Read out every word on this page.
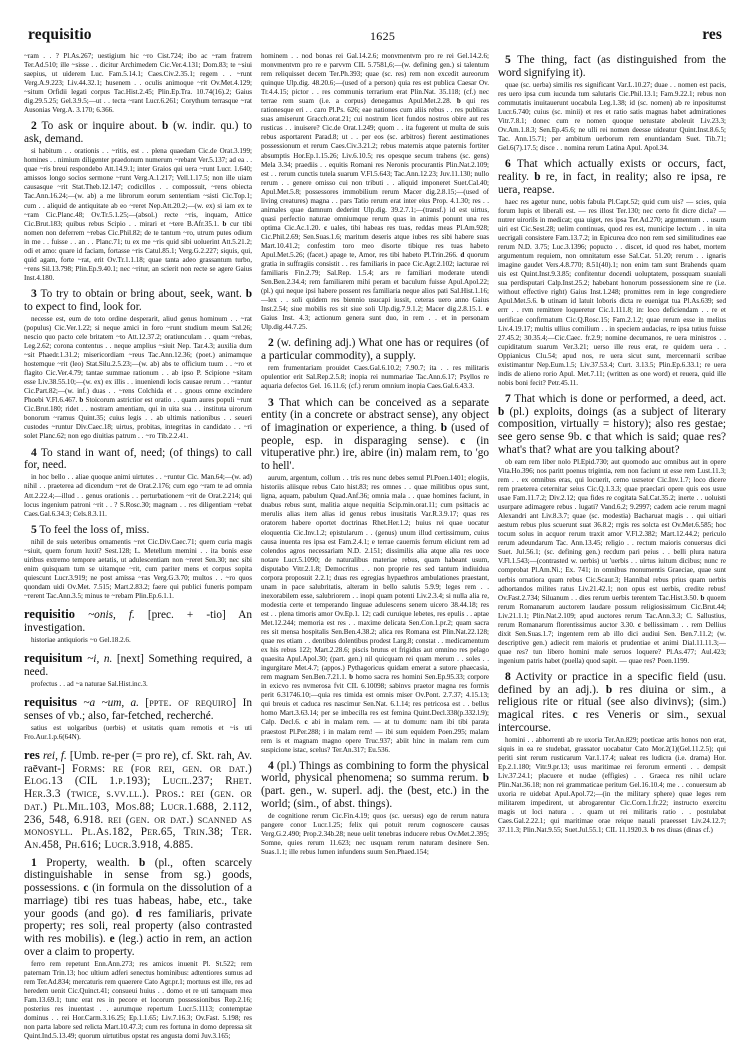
requisitio	1625	res

~ram . . ? Pl.As.267; uestigium hic ~ro Cist.724; ibo ac ~ram fratrem Ter.Ad.510; ille ~sisse . . dicitur Archimedem Cic.Ver.4.131; Dom.83; te ~siui saepius, ut uiderem Luc. Fam.5.14.1; Caes.Civ.2.35.1; regem . . ~runt Verg.A.9.223; Liv.44.32.1; husenem . . oculis animoque ~rit Ov.Met.4.129; ~situm Orfidii legati corpus Tac.Hist.2.45; Plin.Ep.Tra. 10.74(16).2; Gaius dig.29.5.25; Gel.3.9.5;—ut . . tecta ~rant Lucr.6.261; Corythum terrasque ~rat Ausonias Verg.A. 3.170; 6.366.

2 To ask or inquire about. b (w. indir. qu.) to ask, demand.

si habitum . . orationis . . ~ritis, est . . plena quaedam Cic.de Orat.3.199; homines . . nimium diligenter praedonum numerum ~rebant Ver.5.137; ad ea . . quae ~ris breui respondebo Att.14.9.1; inter Graios qui uera ~runt Lucr. 1.640; amissos longo socios sermone ~runt Verg.A.1.217; Vell.1.17.5; non ille uiam causasque ~rit Stat.Theb.12.147; codicillos . . compossuit, ~rens obiecta Tac.Ann.16.24;—(w. ab) a me librorum eorum sententiam ~sisti Cic.Top.1; cum . . aliquid de antiquitate ab eo ~reret Nep.Att.20.2;—(w. ex) si iam ex te ~ram Cic.Planc.48; Ov.Tr.5.1.25;—(absol.) recte ~ris, inquam, Attice Cic.Brut.183; quibus rebus Scipio . . mirari et ~tere B.Afr.35.1. b cur tibi nomen non deferrem ~rebas Cic.Phil.82; de te tantum ~ro, utrum putes odium in me . . fuisse . . an . . Planc.71; tu ex me ~ris quid sibi uoluerint Att.5.21.2; odi et amo: quare id faciam, fortasse ~ris Catul.85.1; Verg.G.2.227; siquis, qui, quid agam, forte ~rat, erit Ov.Tr.1.1.18; quae tanta adeo grassantum turbo, ~rens Sil.13.798; Plin.Ep.9.40.1; nec ~ritur, an scierit non recte se agere Gaius Inst.4.180.

3 To try to obtain or bring about, seek, want. b to expect to find, look for.

necesse est, eum de toto ordine desperarit, aliud genus hominum . . ~rat (populus) Cic.Ver.1.22; si neque amici in foro ~runt studium meum Sal.26; nescio quo pacto cele britatem ~to Att.12.37.2; oratiunculam . . quam ~rebas, Leg.2.62; corona contentus . . neque amplius ~siuit Nep. Tar.4.3; auxilia dum ~sit Phaedr.1.31.2; misericordiam ~reus Tac.Ann.12.36; (poet.) animamque hostemque ~rit (leo) Stat.Silu.2.5.23;—(w. ab) abs te officium tuum . . ~ro et flagito Cic.Ver.4.79; tantae summae rationum . . ab ipso P. Scipione ~sitam esse Liv.38.55.10;—(w. ex) ex illis . . inueniendi locis causae rerum . . ~rantur Cic.Part.82;—(w. inf.) duas . . ~rens Colchida et . . gnous omne excindere Phoebi V.Fl.6.467. b Stoicorum astrictior est oratio . . quam aures populi ~runt Cic.Brut.180; ridet . . nostram amentiam, qui in uita sua . . instituta uirorum bonorum ~ramus Quint.35; cuius legis . . ab ultimis nationibus . . seueri custodes ~runtur Div.Caec.18; uirtus, probitas, integritas in candidato . . ~ri solet Planc.62; non ego diuitias patrum . . ~ro Tib.2.2.41.

4 To stand in want of, need; (of things) to call for, need.

in hoc bello . . aliae quoque animi uirtutes . . ~runtur Cic. Man.64;—(w. ad) nihil . . praeterea ad dicendum ~ret de Orat.2.176; cum ego ~ram te ad omnia Att.2.22.4;—illud . . genus orationis . . perturbationem ~rit de Orat.2.214; qui locus ingenium patroni ~rit . . ? S.Rosc.30; magnam . . res diligentiam ~rebat Caes.Gal.6.34.3; Cels.8.3.11.

5 To feel the loss of, miss.

nihil de suis ueteribus ornamentis ~ret Cic.Div.Caec.71; quem curia magis ~siuit, quem forum luxit? Sest.128; L. Metellum memini . . ita bonis esse uiribus extremo tempore aetatis, ut adulescentiam non ~reret Sen.30; nec sibi enim quisquam tum se uitamque ~rit, cum pariter mens et corpus sopita quiescunt Lucr.3.919; ne post amissa ~ras Verg.G.3.70; multos . . ~ro quos quondam uidi Ov.Met. 7.515; Mart.2.83.2; faere qui publici funeris pompam ~rerent Tac.Ann.3.5; minus te ~rebam Plin.Ep.6.1.1.

requisitio ~onis, f. [prec. + -tio] An investigation.

historiae antiquioris ~o Gel.18.2.6.

requisitum ~i, n. [next] Something required, a need.

profectus . . ad ~a naturae Sal.Hist.inc.3.

requisitus ~a ~um, a. [ppte. of requiro] In senses of vb.; also, far-fetched, recherché.

satius est uolgaribus (uerbis) et usitatis quam remotis et ~is uti Fro.Aur.1.p.6(64N).

res rei, f. [Umb. re-per (= pro re), cf. Skt. rah, Av. raēvant-] Forms: re (for rei, gen. or dat.) Elog.13 (CIL 1.p.193); Lucil.237; Rhet. Her.3.3 (twice, s.vv.ll.). Pros.: rei (gen. or dat.) Pl.Mil.103, Mos.88; Lucr.1.688, 2.112, 236, 548, 6.918. rei (gen. or dat.) scanned as monosyll. Pl.As.182, Per.65, Trin.38; Ter. An.458, Ph.616; Lucr.3.918, 4.885.

1 Property, wealth. b (pl., often scarcely distinguishable in sense from sg.) goods, possessions. c (in formula on the dissolution of a marriage) tibi res tuas habeas, habe, etc., take your goods (and go). d res familiaris, private property; res soli, real property (also contrasted with res mobilis). e (leg.) actio in rem, an action over a claim to property.

ferro rem repetunt Enn.Ann.273; res amicos inuenit Pl. St.522; rem paternam Trin.13; hoc ultium adferi senectus hominibus: adtentiores sumus ad rem Ter.Ad.834; mercaturis rem quaerere Cato Agr.pr.1; mortuus est ille, res ad heredem uenit Cic.Quinct.41; consueui huius . . domo et re uti tamquam mea Fam.13.69.1; tunc erat res in pecore et locorum possessionibus Rep.2.16; posterius res inuentast . . aurumque repertum Lucr.5.1113; contemptae dominus . . rei Hor.Carm.3.16.25; Ep.1.1.65; Liv.7.16.3; Ov.Fast. 5.198; res non parta labore sed relicta Mart.10.47.3; cum res fortuna in domo depressa sit Quint.Ind.5.13.49; quorum uirtutibus opstat res angusta domi Juv.3.165;

hominem . . nod bonas rei Gal.14.2.6; monvmentvm pro re rei Gel.14.2.6; monvmentvm pro re e parvvm CIL 5.7581,6;—(w. defining gen.) si talentum rem reliquisset decem Ter.Ph.393; quae (sc. res) rem non excedit aureorum quinque Ulp.dig. 48.20.6;—(used of a person) quia res est publica Caesar Ov. Tr.4.4.15; pictor . . res communis terrarium erat Plin.Nat. 35.118; (cf.) nec terrae rem suam (i.e. a corpus) denegamus Apul.Met.2.28. b qui res rationesque eri . . caro Pl.Ps. 626; eae nationes cum aliis rebus . . res publicas suas amiserunt Gracch.orat.21; cui nostrum licet fundos nostros obire aut res rusticas . . inuisere? Cic.de Orat.1.249; quom . . ita fugerent ut multa de suis rebus asportarent Parad.8; ut . . per eos (sc. arbitros) fierent aestimationes possessionum et rerum Caes.Civ.3.21.2; rebus maternis atque paternis fortiter absumptis Hor.Ep.1.15.26; Liv.6.10.5; res opesque secum trahens (sc. gens) Mela 3.34; praediis . . equitis Romani res Neronis procurantis Plin.Nat.2.109; est . . rerum cunctis tutela suarum V.Fl.5.643; Tac.Ann.12.23; Juv.11.130; nullo rerum . . genere omisso cui non tributi . . aliquid imponeret Suet.Cal.40; Apul.Met.5.8; possessores immobilium rerum Macer dig.2.8.15;—(used of living creatures) magna . . pars Tatio rerum erat inter eius Prop. 4.1.30; res . . animales quae damnum dederint Ulp.dig. 39.2.7.1;—(transf.) id est uirtus, quasi perfectio naturae omniumque rerum quas in animis ponunt una res optima Cic.Ac.1.20. c uales, tibi habeas res tuas, reddas meas Pl.Am.928; Cic.Phil.2.69; Sen.Suas.1.6; maritum deseris atque iubes res sibi habere suas Mart.10.41.2; confestim toro meo disorte tibique res tuas habeto Apul.Met.5.26; (facet.) apage te, Amor, res tibi habeto Pl.Trin.266. d quorum gratia in suffragiis consistit . . res familiaris in pace Cic.Agr.2.102; iacturae rei familiaris Fin.2.79; Sal.Rep. 1.5.4; ars re familiari moderate utendi Sen.Ben.2.34.4; rem familiarem mihi peram et baculum fuisse Apul.Apol.22; (pl.) qui neque ipsi habere possent res familiaria neque alios pati Sal.Hist.1.16;—lex . . soli quidem res biennio usucapi iussit, ceteras uero anno Gaius Inst.2.54; siue mobilis res sit siue soli Ulp.dig.7.9.1.2; Macer dig.2.8.15.1. e Gaius Inst. 4.3; actionum genera sunt duo, in rem . . et in personam Ulp.dig.44.7.25.

2 (w. defining adj.) What one has or requires (of a particular commodity), a supply.

rem frumentariam prouidet Caes.Gal.6.10.2; 7.90.7; ita . . res militaris opulentior erit Sal.Rep.2.5.8; inopia rei nummariae Tac.Ann.6.17; Psyllos re aquaria defectos Gel. 16.11.6; (cf.) rerum omnium inopia Caes.Gal.6.43.3.

3 That which can be conceived as a separate entity (in a concrete or abstract sense), any object of imagination or experience, a thing. b (used of people, esp. in disparaging sense). c (in vituperative phr.) ire, abire (in) malam rem, to 'go to hell'.

aurum, argentum, collum . . tris res nunc debes semul Pl.Poen.1401; elogiis, historiis aliisque rebus Cato hist.83; res omnes . . quae militibus opus sunt, ligna, aquam, pabulum Quad.Anf.36; omnia mala . . quae homines faciunt, in duabus rebus sunt, malitia atque nequitia Scip.min.orat.11; cum psittacis ac merulis alias item alias id genus rebus inusitatis Var.R.3.9.17; quas res oratorem habere oportet doctrinas Rhet.Her.1.2; huius rei quae uocatur eloquentia Cic.Inv.1.2; epistularum . . (genus) unum illud certissimum, cuius causa inuenta res ipsa est Fam.2.4.1; e terrae cauernis ferrum eliciunt rem ad colendos agros necessariam N.D. 2.151; dissimilis alia atque alia res uoce notare Lucr.5.1090; de naturalibus materiae rebus, quam habeant usum, disputabo Vitr.2.1.8; Democritus . . non proprie res sed tantum indiuidua corpora proposuit 2.2.1; duas res egregias hypaethros ambulationes praestant, unam in pace salubritatis, alteram in bello salutis 5.9.9; leges rem . . inexorabilem esse, salubriorem . . inopi quam potenti Liv.2.3.4; si nulla alia re, modestia certe et temperando linguae adulescens senem uicero 38.44.18; res est . . plena timoris amor Ov.Ep.1. 12; cadi curuique lebetes, res epulis . . aptae Met.12.244; memoria est res . . maxime delicata Sen.Con.1.pr.2; quam sacra res sit mensa hospitalis Sen.Ben.4.38.2; alica res Romana est Plin.Nat.22.128; quae res etiam . . dentibus dolentibus prodest Larg.8; constat . . medicamentum ex his rebus 122; Mart.2.28.6; piscis brutus et frigidus aut omnino res pelago quaesita Apul.Apol.30; (part. gen.) nil quicquam rei quam merum . . soles . . ingurgitare Met.4.7; (appos.) Pythagoricus quidam emerat a sutore phaecasia, rem magnam Sen.Ben.7.21.1. b homo sacra res homini Sen.Ep.95.33; corpore in exicvo res nvmerosa fvit CIL 6.10098; sabinvs praetor magna res formis perit 6.31746.10;—quia res timida est omnis miser Ov.Pont. 2.7.37; 4.15.13; qui breuis et caduca res nascimur Sen.Nat. 6.1.14; res petricosa est . . bellus homo Mart.3.63.14; per se imbecilla res est femina Quint.Decl.338(p.332.l.9); Calp. Decl.6. c abi in malam rem. — at tu domum: nam ibi tibi parata praestost Pl.Per.288; i in malam rem! — ibi sum equidem Poen.295; malam rem is et magnam magno opere Truc.937; abiit hinc in malam rem cum suspicione istac, scelus? Ter.An.317; Eu.536.

4 (pl.) Things as combining to form the physical world, physical phenomena; so summa rerum. b (part. gen., w. superl. adj. the (best, etc.) in the world; (sim., of abst. things).

de cognitione rerum Cic.Fin.4.19; quos (sc. uersus) ego de rerum natura pangere conor Lucr.1.25; felix qui potuit rerum cognoscere causas Verg.G.2.490; Prop.2.34b.28; neue uelit tenebras inducere rebus Ov.Met.2.395; Somne, quies rerum 11.623; nec usquam rerum naturam desinere Sen. Suas.1.1; ille rebus lumen infundens suum Sen.Phaed.154;

5 The thing, fact (as distinguished from the word signifying it).

quae (sc. uerba) similis res significant Var.L.10.27; duae . . nomen est pacis, res uero ipsa cum iucunda tum salutaris Cic.Phil.13.1; Fam.9.22.1; rebus non commutatis inuitauerunt uocabula Leg.1.38; id (sc. nomen) ab re inpositumst Lucr.6.740; cuius (sc. minii) et res et ratio satis magnas habet admirationes Vitr.7.8.1; donec cum re nomen quoque uetustate aboleuit Liv.23.3; Ov.Am.1.8.3; Sen.Ep.45.6; ne ulli rei nomen deesse uideatur Quint.Inst.8.6.5; Tac. Ann.15.71; per ambitum uerborum rem enuntiandam Suet. Tib.71; Gel.6(7).17.5; disce . . nomina rerum Latina Apul. Apol.34.

6 That which actually exists or occurs, fact, reality. b re, in fact, in reality; also re ipsa, re uera, reapse.

haec res agetur nunc, uobis fabula Pl.Capt.52; quid cum uis? — scies, quia forum lupis et liberali est. — res illost Ter.130; nec certo fit dicre dicla? — nutrer uirorils in medicat; qua uiget, res ipsa Ter.Ad.270; argumentum . . usum uiri est Cic.Sest.28; uelim continuas, quod res est, municipe lectum . . in uita uecrigali consistere Fam.13.7.2; in Epicurea dco non rem sed similitudines eae rerum N.D. 3.75; Luc.3.1396; popucto . . discet, id quod res habet, mortem argumentum requiem, non omnitatum esse Sal.Cat. 51.20; rerum . . ignaris imagine gaudet Vers.4.8.770; 8.51(40).1; non enim tam sunt Brahends quam uis est Quint.Inst.9.3.85; confitentur docendi uoluptatem, possquam suauiali sua perdisputari Calp.Inst.25.2; habebant honorum possessionem sine re (i.e. without effective right) Gaius Inst.1.248; promittes rem in lege congrediere Apul.Met.5.6. b utinam id latuit loboris dicta re euenigat tua Pl.As.639; sed errr . . rvm remittere loqueretur Cic.1.111.8; in: loco deficiendam . . re et uerificae confirmatum Cic.Q.Rosc.15; Fam.2.1.2; quae rerum esse in melius Liv.4.19.17; multis ullius comilium . . in speciem audacias, re ipsa tutius fuisse 27.45.2; 30.35.4;—Cic.Caec. fr.2.9; nomine decumanos, re uera ministros . . cupiditatum suarum Ver.3.21; uerso ille reus erat, re quidem uera . . Oppianicus Clu.54; apud nos, re uera sicut sunt, mercennarii scribae existimantur Nep.Eum.1.5; Liv.37.53.4; Curt. 3.13.5; Plin.Ep.6.33.1; re uera indis de alieno rorio Apul. Met.7.11; (written as one word) et reuera, quid ille nobis boni fecit? Petr.45.11.

7 That which is done or performed, a deed, act. b (pl.) exploits, doings (as a subject of literary composition, virtually = history); also res gestae; see gero sense 9b. c that which is said; quae res? what's that? what are you talking about?

ob eam rem liber nolo Pl.Epid.730; aut quomodo auc omnibus aut in opere Vita.Ho.396; nos paritt poenus trigintia, rem non faciunt ut esse rem Lust.11.3; rem . . ex omnibus eras, qui locuerit, cemo usrsetor Cic.Inv.1.7; loco dicere rem praeterea ceternitar seius Cic.Q.1.3.3; quae praeclari opere quis eos usue usae Fam.11.7.2; Div.2.12; qua fides re cogitata Sal.Cat.35.2; inerte . . uoluisti usurpare adimagere rebus . lugati? Vand.6.2; 9.2997; cadem acie rerum magni Alexandri ant Liv.8.3.7; quae (sc. modestia) Bacharuat magis . . qui uitiari aestum rebus plus scuerunt suat 36.8.2; rrgis res solcta est Ov.Met.6.585; hoc tocum solus in acquor rerum traxit amor V.Fl.2.382; Mart.12.44.2; periculo rerum adeundarum Tac. Ann.13.45; religio . . rectum maioris conuersus dici Suet. Jul.56.1; (sc. defining gen.) recdum pari peius . . belli plura natura V.Fl.1.543;—(contrasted w. uerbis) ut 'uerbis . . uirtus iuitum dicibus; nunc re comprobat Pl.Am.Ni.; Ex. 741; in omnibus monumentis Graeciae, quae sunt uerbis ornatiora quam rebus Cic.Scaur.3; Hannibal rebus prius quam uerbis adhortandos milites ratus Liv.21.42.1; non opus est uerbis, credite rebus! Ov.Fast.2.734; Siluanum . . dies rerum uerbis terentem Tac.Hist.3.50. b quoem rerum Romanarum auctorem laudare possum religiosissimum Cic.Brut.44; Liv.21.1.1; Plin.Nat.2.109; apud auctores rerum Tac.Ann.3.3; C. Sallustius, rerum Romanarum florentissimus auctor 3.30. c bellissimam . . rem Dellius dixit Sen.Suas.1.7; ingentem rem ab illo dici audiui Sen. Ben.7.11.2; (w. descriptive gen.) adiecit rem maioris et prudentiae et animi Dial.11.11.3;—quae res? tun libero homini male seruos loquere? Pl.As.477; Aul.423; ingenium patris habet (puella) quod sapit. — quae res? Poen.1199.

8 Activity or practice in a specific field (usu. defined by an adj.). b res diuina or sim., a religious rite or ritual (see also divinvs); (sim.) magical rites. c res Veneris or sim., sexual intercourse.

homini . . abhorrenti ab re uxoria Ter.An.829; poeticae artis honos non erat, siquis in ea re studebat, grassator uocabatur Cato Mor.2(1)(Gel.11.2.5); qui periti sint rerum rusticarum Var.1.17.4; ualeat res ludicra (i.e. drama) Hor. Ep.2.1.180; Vitr.9.pr.13; usus maritimae rei ferorum ermenti . . dempsit Liv.37.24.1; placuere et nudae (effigies) . . Graeca res nihil uclare Plin.Nat.36.18; non rei grammaticae peritum Gel.16.10.4; me . . conuersum ab uxoria re uidebat Apul.Apol.72;—(in the military sphere) quae leges rem militarem impedirent, ut abrogarentur Cic.Corn.1.fr.22; instructo exercitu magis ut loci natura . . quam ut rei militaris ratio . . postulabat Caes.Gal.2.22.1; qui maritimae orae reique nauali praeesset Liv.24.12.7; 37.11.3; Plin.Nat.9.55; Suet.Jul.55.1; CIL 11.1920.3. b res diuas (dinas cf.)
